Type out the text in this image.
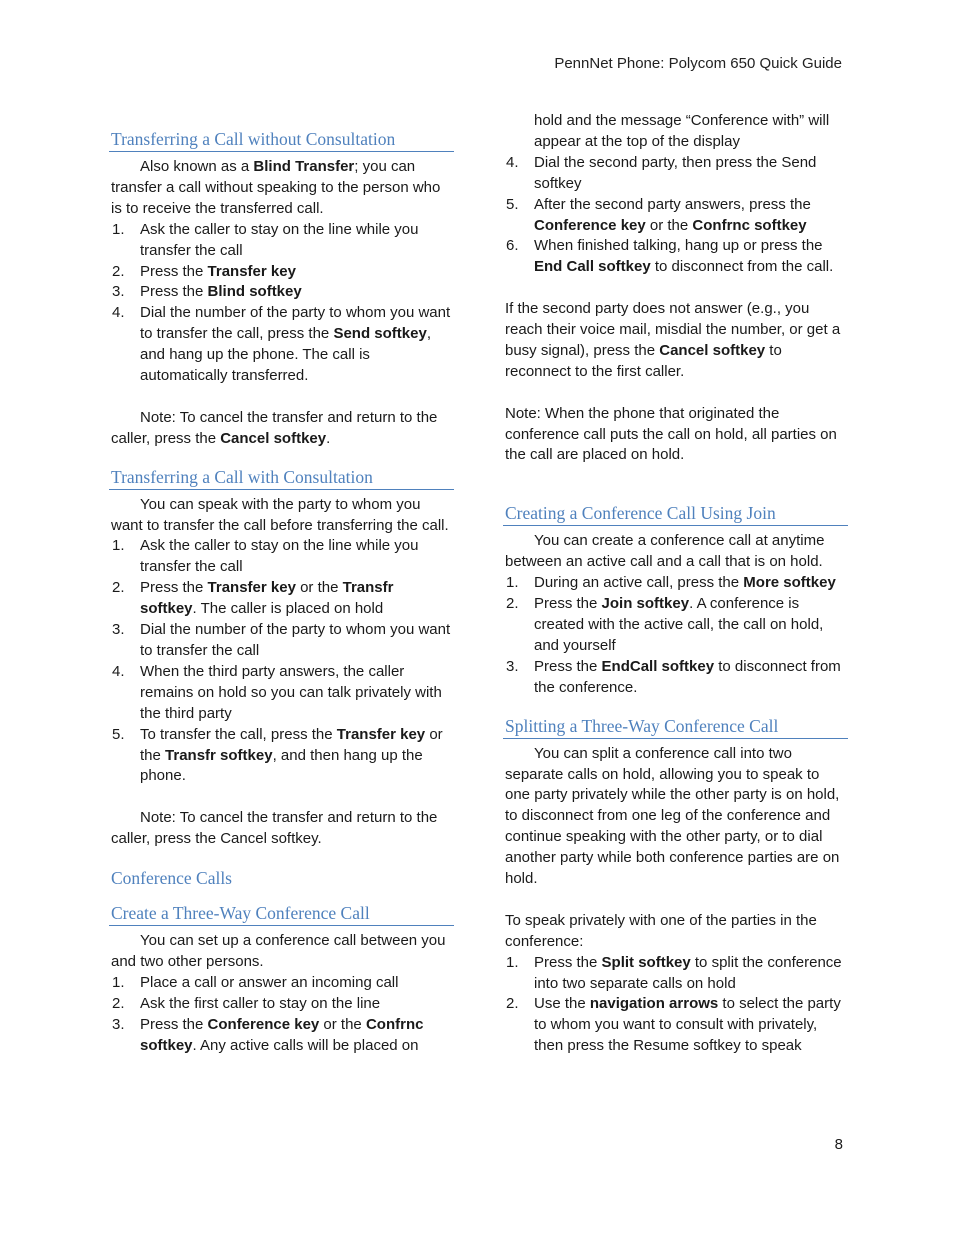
PennNet Phone: Polycom 650 Quick Guide
Transferring a Call without Consultation

Also known as a Blind Transfer; you can transfer a call without speaking to the person who is to receive the transferred call.

1. Ask the caller to stay on the line while you transfer the call
2. Press the Transfer key
3. Press the Blind softkey
4. Dial the number of the party to whom you want to transfer the call, press the Send softkey, and hang up the phone. The call is automatically transferred.

Note: To cancel the transfer and return to the caller, press the Cancel softkey.

Transferring a Call with Consultation

You can speak with the party to whom you want to transfer the call before transferring the call.

1. Ask the caller to stay on the line while you transfer the call
2. Press the Transfer key or the Transfr softkey. The caller is placed on hold
3. Dial the number of the party to whom you want to transfer the call
4. When the third party answers, the caller remains on hold so you can talk privately with the third party
5. To transfer the call, press the Transfer key or the Transfr softkey, and then hang up the phone.

Note: To cancel the transfer and return to the caller, press the Cancel softkey.

Conference Calls
Create a Three-Way Conference Call

You can set up a conference call between you and two other persons.

1. Place a call or answer an incoming call
2. Ask the first caller to stay on the line
3. Press the Conference key or the Confrnc softkey. Any active calls will be placed on

hold and the message “Conference with” will appear at the top of the display

4. Dial the second party, then press the Send softkey
5. After the second party answers, press the Conference key or the Confrnc softkey
6. When finished talking, hang up or press the End Call softkey to disconnect from the call.

If the second party does not answer (e.g., you reach their voice mail, misdial the number, or get a busy signal), press the Cancel softkey to reconnect to the first caller.

Note: When the phone that originated the conference call puts the call on hold, all parties on the call are placed on hold.

Creating a Conference Call Using Join

You can create a conference call at anytime between an active call and a call that is on hold.

1. During an active call, press the More softkey
2. Press the Join softkey. A conference is created with the active call, the call on hold, and yourself
3. Press the EndCall softkey to disconnect from the conference.
Splitting a Three-Way Conference Call

You can split a conference call into two separate calls on hold, allowing you to speak to one party privately while the other party is on hold, to disconnect from one leg of the conference and continue speaking with the other party, or to dial another party while both conference parties are on hold.

To speak privately with one of the parties in the conference:

1. Press the Split softkey to split the conference into two separate calls on hold
2. Use the navigation arrows to select the party to whom you want to consult with privately, then press the Resume softkey to speak
8
